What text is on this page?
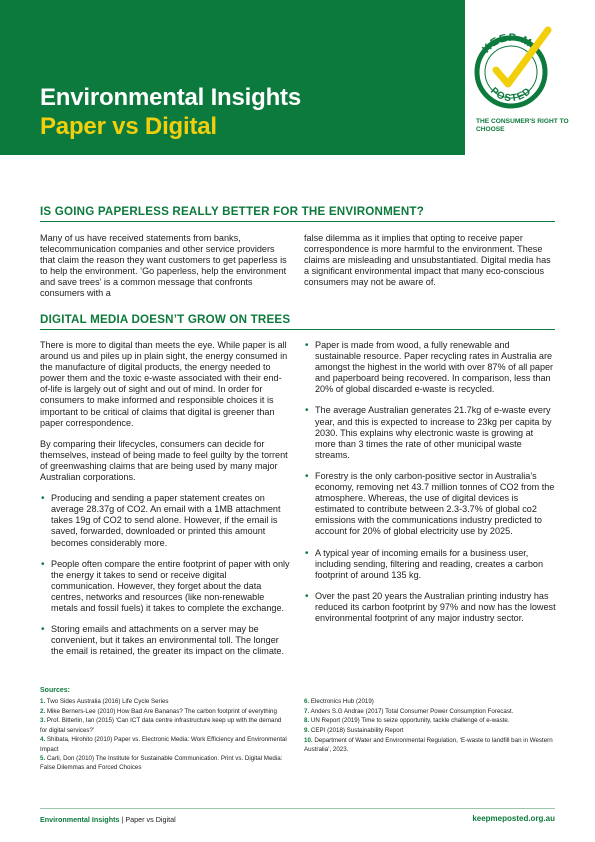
Environmental Insights
Paper vs Digital
KEEP ME
POSTED
THE CONSUMER'S RIGHT TO CHOOSE
IS GOING PAPERLESS REALLY BETTER FOR THE ENVIRONMENT?
Many of us have received statements from banks, telecommunication companies and other service providers that claim the reason they want customers to get paperless is to help the environment. ‘Go paperless, help the environment and save trees’ is a common message that confronts consumers with a
false dilemma as it implies that opting to receive paper correspondence is more harmful to the environment. These claims are misleading and unsubstantiated. Digital media has a significant environmental impact that many eco-conscious consumers may not be aware of.
DIGITAL MEDIA DOESN’T GROW ON TREES

There is more to digital than meets the eye. While paper is all around us and piles up in plain sight, the energy consumed in the manufacture of digital products, the energy needed to power them and the toxic e-waste associated with their end-of-life is largely out of sight and out of mind. In order for consumers to make informed and responsible choices it is important to be critical of claims that digital is greener than paper correspondence.

By comparing their lifecycles, consumers can decide for themselves, instead of being made to feel guilty by the torrent of greenwashing claims that are being used by many major Australian corporations.

• Producing and sending a paper statement creates on average 28.37g of CO2. An email with a 1MB attachment takes 19g of CO2 to send alone. However, if the email is saved, forwarded, downloaded or printed this amount becomes considerably more.
• People often compare the entire footprint of paper with only the energy it takes to send or receive digital communication. However, they forget about the data centres, networks and resources (like non-renewable metals and fossil fuels) it takes to complete the exchange.
• Storing emails and attachments on a server may be convenient, but it takes an environmental toll. The longer the email is retained, the greater its impact on the climate.
• Paper is made from wood, a fully renewable and sustainable resource. Paper recycling rates in Australia are amongst the highest in the world with over 87% of all paper and paperboard being recovered. In comparison, less than 20% of global discarded e-waste is recycled.
• The average Australian generates 21.7kg of e-waste every year, and this is expected to increase to 23kg per capita by 2030. This explains why electronic waste is growing at more than 3 times the rate of other municipal waste streams.
• Forestry is the only carbon-positive sector in Australia’s economy, removing net 43.7 million tonnes of CO2 from the atmosphere. Whereas, the use of digital devices is estimated to contribute between 2.3-3.7% of global co2 emissions with the communications industry predicted to account for 20% of global electricity use by 2025.
• A typical year of incoming emails for a business user, including sending, filtering and reading, creates a carbon footprint of around 135 kg.
• Over the past 20 years the Australian printing industry has reduced its carbon footprint by 97% and now has the lowest environmental footprint of any major industry sector.
Sources:
1. Two Sides Australia (2016) Life Cycle Series
2. Mike Berners-Lee (2010) How Bad Are Bananas? The carbon footprint of everything
3. Prof. Bitterlin, Ian (2015) ‘Can ICT data centre infrastructure keep up with the demand for digital services?’
4. Shibata, Hirohito (2010) Paper vs. Electronic Media: Work Efficiency and Environmental Impact
5. Carli, Don (2010) The Institute for Sustainable Communication. Print vs. Digital Media: False Dilemmas and Forced Choices
6. Electronics Hub (2019)
7. Anders S.G Andrae (2017) Total Consumer Power Consumption Forecast.
8. UN Report (2019) Time to seize opportunity, tackle challenge of e-waste.
9. CEPI (2018) Sustainability Report
10. Department of Water and Environmental Regulation, ‘E-waste to landfill ban in Western Australia’, 2023.
Environmental Insights | Paper vs Digital	keepmeposted.org.au
